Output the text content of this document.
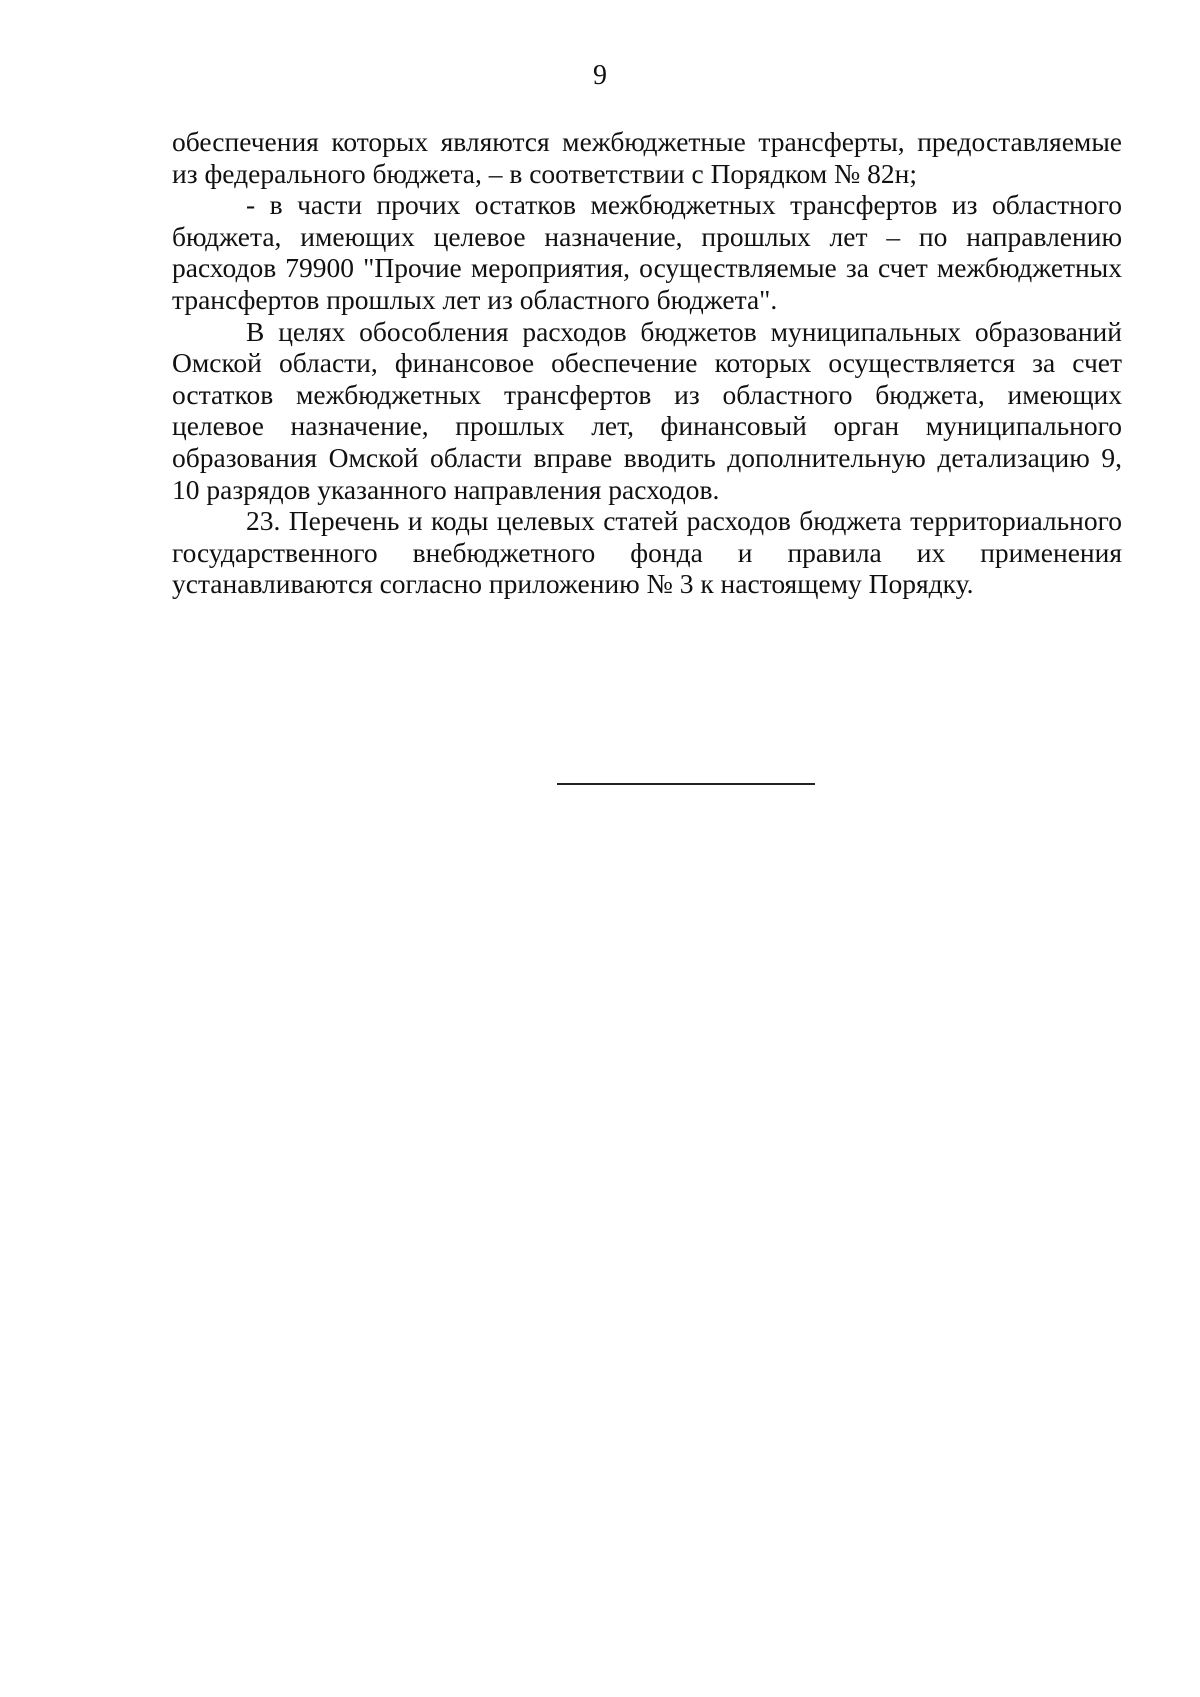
9

обеспечения которых являются межбюджетные трансферты, предоставляемые из федерального бюджета, – в соответствии с Порядком № 82н;

- в части прочих остатков межбюджетных трансфертов из областного бюджета, имеющих целевое назначение, прошлых лет – по направлению расходов 79900 "Прочие мероприятия, осуществляемые за счет межбюджетных трансфертов прошлых лет из областного бюджета".

В целях обособления расходов бюджетов муниципальных образований Омской области, финансовое обеспечение которых осуществляется за счет остатков межбюджетных трансфертов из областного бюджета, имеющих целевое назначение, прошлых лет, финансовый орган муниципального образования Омской области вправе вводить дополнительную детализацию 9, 10 разрядов указанного направления расходов.

23. Перечень и коды целевых статей расходов бюджета территориального государственного внебюджетного фонда и правила их применения устанавливаются согласно приложению № 3 к настоящему Порядку.
